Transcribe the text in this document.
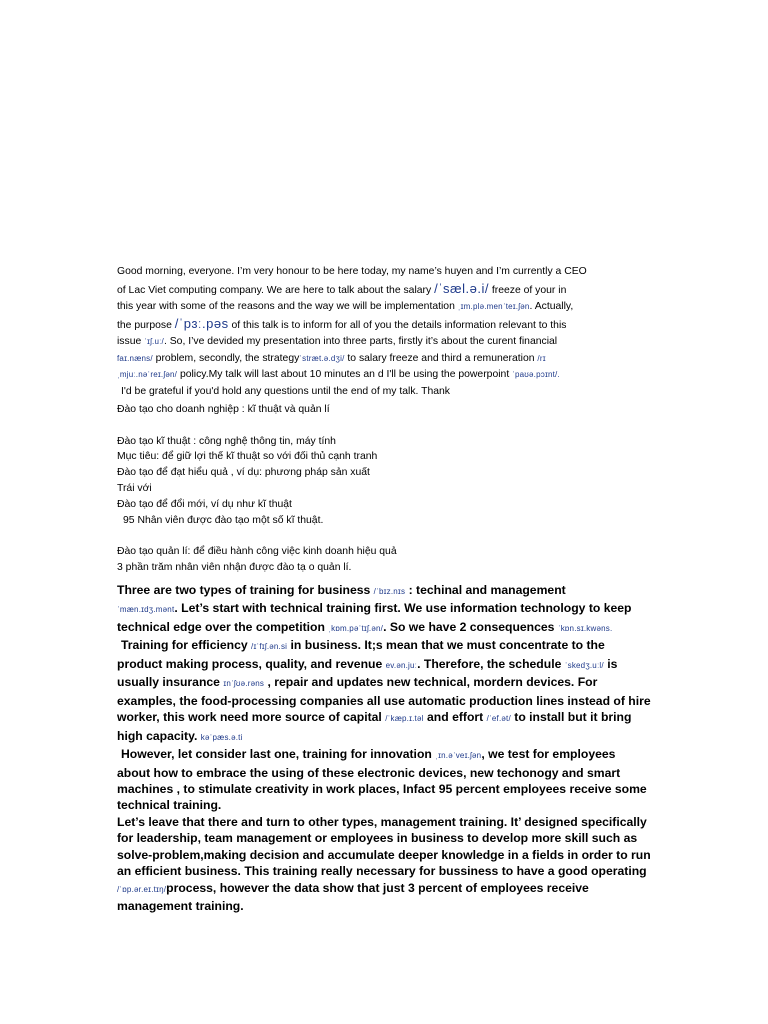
Good morning, everyone. I’m very honour to be here today, my name’s huyen and I’m currently a CEO

of Lac Viet computing company. We are here to talk about the salary /ˈsæl.ə.i/ freeze of your in

this year with some of the reasons and the way we will be implementation ˌɪm.plə.menˈteɪ.ʃən. Actually,

the purpose /ˈpɜː.pəs of this talk is to inform for all of you the details information relevant to this

issue ˈɪʃ.uː/. So, I’ve devided my presentation into three parts, firstly it’s about the curent financial

faɪ.næns/ problem, secondly, the strategyˈstræt.ə.dʒi/ to salary freeze and third a remuneration /rɪ

ˌmjuː.nəˈreɪ.ʃən/ policy.My talk will last about 10 minutes an d I'll be using the powerpoint ˈpaʊə.pɔɪnt/.

I'd be grateful if you'd hold any questions until the end of my talk. Thank

Đào tạo cho doanh nghiệp : kĩ thuật và quản lí

Đào tạo kĩ thuật : công nghệ thông tin, máy tính

Mục tiêu: để giữ lợi thế kĩ thuật so với đối thủ cạnh tranh

Đào tạo để đạt hiểu quả , ví dụ: phương pháp sản xuất

Trái với

Đào tạo để đổi mới, ví dụ như kĩ thuật

95 Nhân viên được đào tạo một số kĩ thuật.

Đào tạo quản lí: để điều hành công việc kinh doanh hiệu quả

3 phần trăm nhân viên nhận được đào tạ o quản lí.

Three are two types of training for business /ˈbɪz.nɪs : techinal and management

ˈmæn.ɪdʒ.mənt. Let’s start with technical training first. We use information technology to keep

technical edge over the competition ˌkɒm.pəˈtɪʃ.ən/. So we have 2 consequences ˈkɒn.sɪ.kwəns.

Training for efficiency /ɪˈfɪʃ.ən.si in business. It;s mean that we must concentrate to the

product making process, quality, and revenue ev.ən.juː. Therefore, the schedule ˈskedʒ.uːl/ is

usually insurance ɪnˈʃʊə.rəns , repair and updates new technical, mordern devices. For

examples, the food-processing companies all use automatic production lines instead of hire

worker, this work need more source of capital /ˈkæp.ɪ.təl and effort /ˈef.ət/ to install but it bring

high capacity. kəˈpæs.ə.ti

However, let consider last one, training for innovation ˌɪn.əˈveɪ.ʃən, we test for employees

about how to embrace the using of these electronic devices, new techonogy and smart

machines , to stimulate creativity in work places, Infact 95 percent employees receive some

technical training.

Let’s leave that there and turn to other types, management training. It’ designed specifically

for leadership, team management or employees in business to develop more skill such as

solve-problem,making decision and accumulate deeper knowledge in a fields in order to run

an efficient business. This training really necessary for bussiness to have a good operating

/ˈɒp.ər.eɪ.tɪŋ/process, however the data show that just 3 percent of employees receive

management training.
